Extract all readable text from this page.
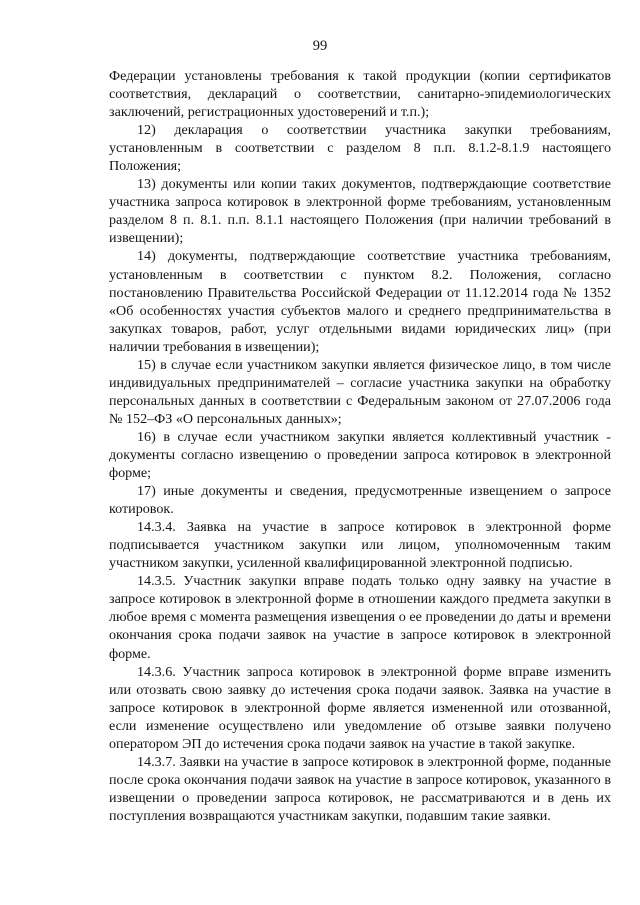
99

Федерации установлены требования к такой продукции (копии сертификатов соответствия, деклараций о соответствии, санитарно-эпидемиологических заключений, регистрационных удостоверений и т.п.);

12) декларация о соответствии участника закупки требованиям, установленным в соответствии с разделом 8 п.п. 8.1.2-8.1.9 настоящего Положения;

13) документы или копии таких документов, подтверждающие соответствие участника запроса котировок в электронной форме требованиям, установленным разделом 8 п. 8.1. п.п. 8.1.1 настоящего Положения (при наличии требований в извещении);

14) документы, подтверждающие соответствие участника требованиям, установленным в соответствии с пунктом 8.2. Положения, согласно постановлению Правительства Российской Федерации от 11.12.2014 года № 1352 «Об особенностях участия субъектов малого и среднего предпринимательства в закупках товаров, работ, услуг отдельными видами юридических лиц» (при наличии требования в извещении);

15) в случае если участником закупки является физическое лицо, в том числе индивидуальных предпринимателей – согласие участника закупки на обработку персональных данных в соответствии с Федеральным законом от 27.07.2006 года № 152–ФЗ «О персональных данных»;

16) в случае если участником закупки является коллективный участник - документы согласно извещению о проведении запроса котировок в электронной форме;

17) иные документы и сведения, предусмотренные извещением о запросе котировок.

14.3.4. Заявка на участие в запросе котировок в электронной форме подписывается участником закупки или лицом, уполномоченным таким участником закупки, усиленной квалифицированной электронной подписью.

14.3.5. Участник закупки вправе подать только одну заявку на участие в запросе котировок в электронной форме в отношении каждого предмета закупки в любое время с момента размещения извещения о ее проведении до даты и времени окончания срока подачи заявок на участие в запросе котировок в электронной форме.

14.3.6. Участник запроса котировок в электронной форме вправе изменить или отозвать свою заявку до истечения срока подачи заявок. Заявка на участие в запросе котировок в электронной форме является измененной или отозванной, если изменение осуществлено или уведомление об отзыве заявки получено оператором ЭП до истечения срока подачи заявок на участие в такой закупке.

14.3.7. Заявки на участие в запросе котировок в электронной форме, поданные после срока окончания подачи заявок на участие в запросе котировок, указанного в извещении о проведении запроса котировок, не рассматриваются и в день их поступления возвращаются участникам закупки, подавшим такие заявки.
